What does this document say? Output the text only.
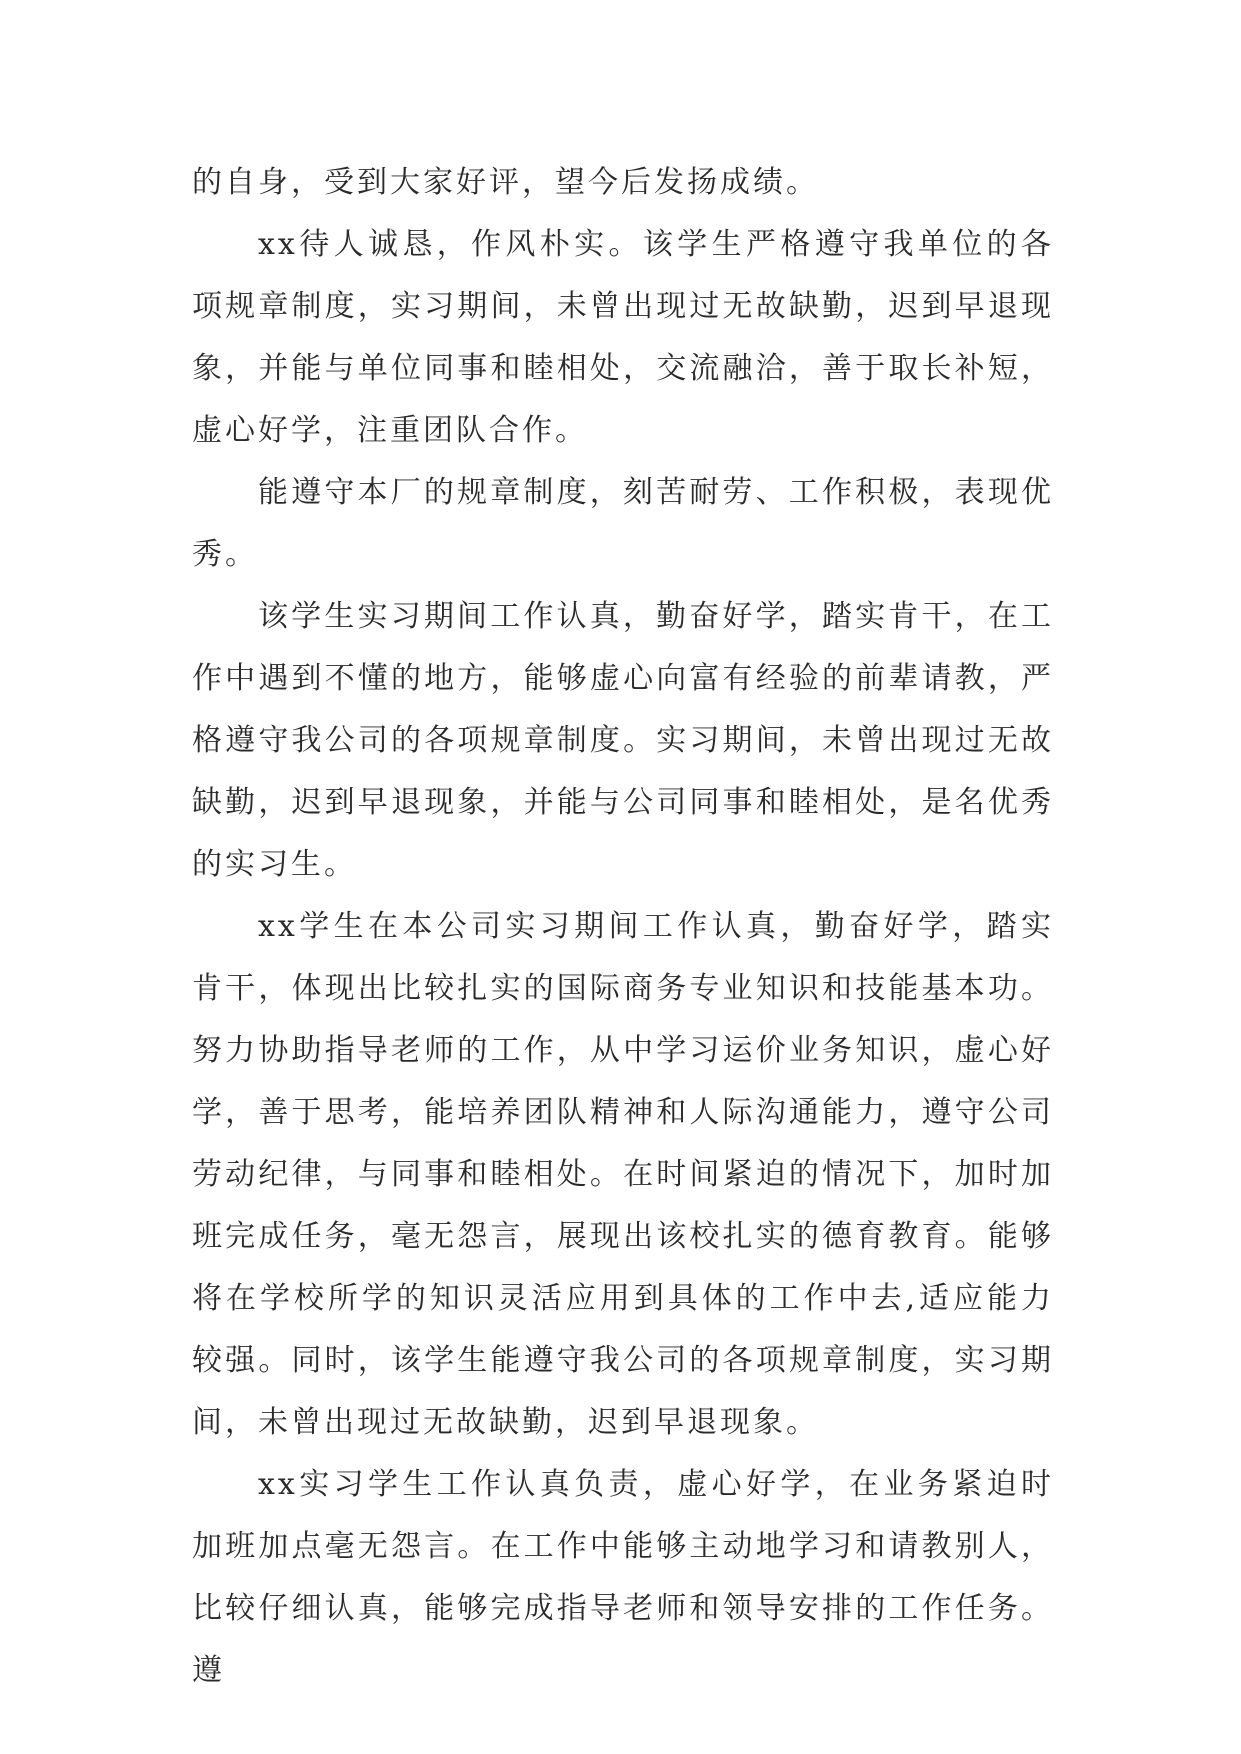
的自身，受到大家好评，望今后发扬成绩。

xx待人诚恳，作风朴实。该学生严格遵守我单位的各项规章制度，实习期间，未曾出现过无故缺勤，迟到早退现象，并能与单位同事和睦相处，交流融洽，善于取长补短，虚心好学，注重团队合作。

能遵守本厂的规章制度，刻苦耐劳、工作积极，表现优秀。

该学生实习期间工作认真，勤奋好学，踏实肯干，在工作中遇到不懂的地方，能够虚心向富有经验的前辈请教，严格遵守我公司的各项规章制度。实习期间，未曾出现过无故缺勤，迟到早退现象，并能与公司同事和睦相处，是名优秀的实习生。

xx学生在本公司实习期间工作认真，勤奋好学，踏实肯干，体现出比较扎实的国际商务专业知识和技能基本功。努力协助指导老师的工作，从中学习运价业务知识，虚心好学，善于思考，能培养团队精神和人际沟通能力，遵守公司劳动纪律，与同事和睦相处。在时间紧迫的情况下，加时加班完成任务，毫无怨言，展现出该校扎实的德育教育。能够将在学校所学的知识灵活应用到具体的工作中去,适应能力较强。同时，该学生能遵守我公司的各项规章制度，实习期间，未曾出现过无故缺勤，迟到早退现象。

xx实习学生工作认真负责，虚心好学，在业务紧迫时加班加点毫无怨言。在工作中能够主动地学习和请教别人，比较仔细认真，能够完成指导老师和领导安排的工作任务。遵
